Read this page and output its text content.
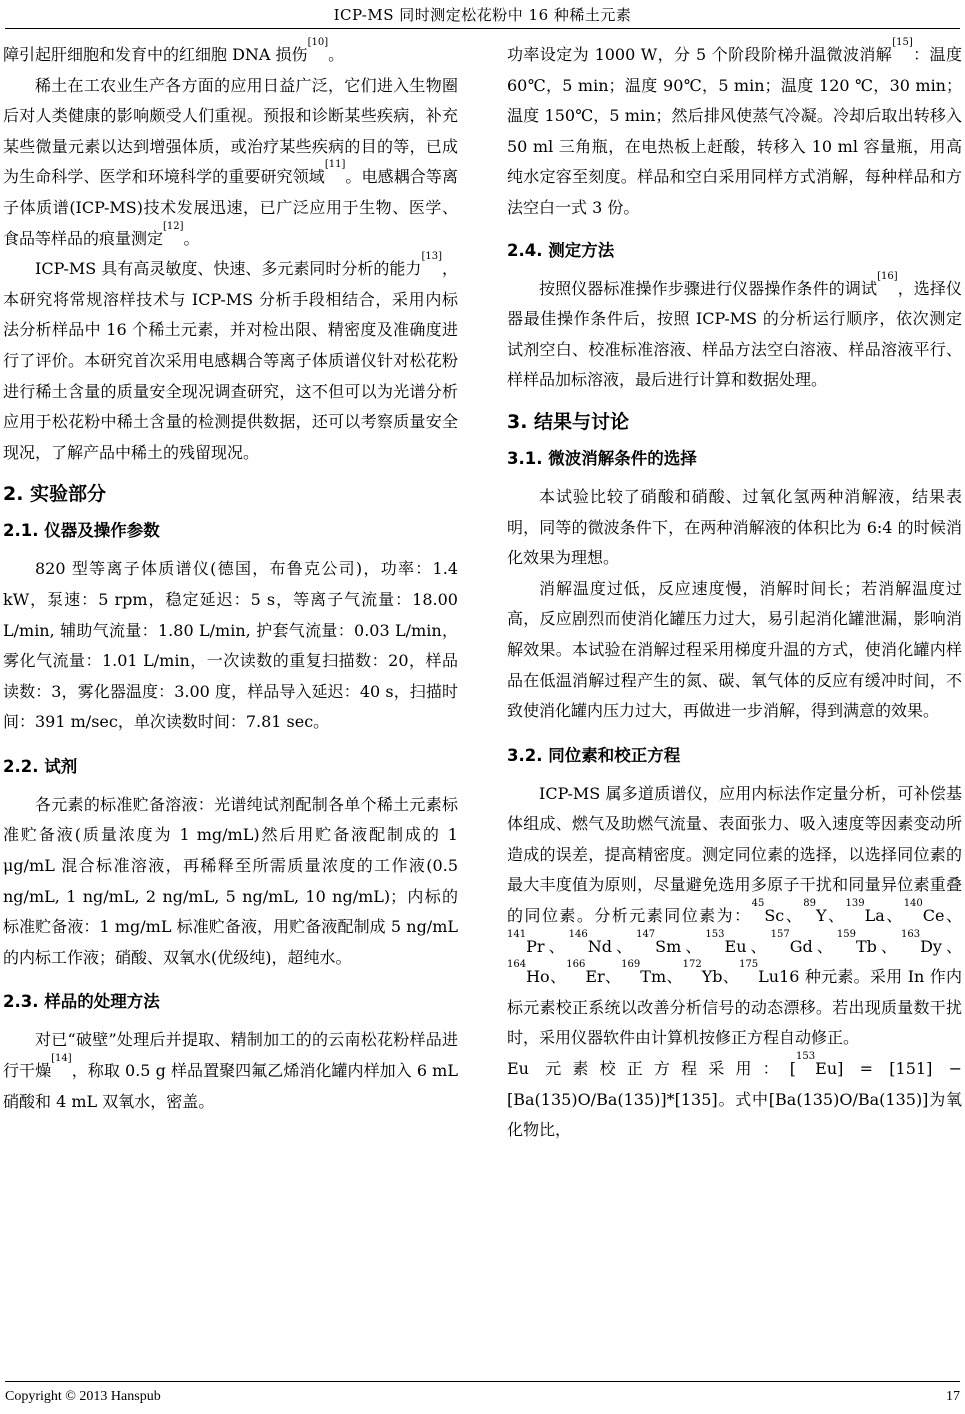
ICP-MS 同时测定松花粉中 16 种稀土元素

障引起肝细胞和发育中的红细胞 DNA 损伤[10]。

稀土在工农业生产各方面的应用日益广泛，它们进入生物圈后对人类健康的影响颇受人们重视。预报和诊断某些疾病，补充某些微量元素以达到增强体质，或治疗某些疾病的目的等，已成为生命科学、医学和环境科学的重要研究领域[11]。电感耦合等离子体质谱(ICP-MS)技术发展迅速，已广泛应用于生物、医学、食品等样品的痕量测定[12]。

ICP-MS 具有高灵敏度、快速、多元素同时分析的能力[13]，本研究将常规溶样技术与 ICP-MS 分析手段相结合，采用内标法分析样品中 16 个稀土元素，并对检出限、精密度及准确度进行了评价。本研究首次采用电感耦合等离子体质谱仪针对松花粉进行稀土含量的质量安全现况调查研究，这不但可以为光谱分析应用于松花粉中稀土含量的检测提供数据，还可以考察质量安全现况，了解产品中稀土的残留现况。

2. 实验部分
2.1. 仪器及操作参数

820 型等离子体质谱仪(德国，布鲁克公司)，功率：1.4 kW，泵速：5 rpm，稳定延迟：5 s，等离子气流量：18.00 L/min, 辅助气流量：1.80 L/min, 护套气流量：0.03 L/min，雾化气流量：1.01 L/min，一次读数的重复扫描数：20，样品读数：3，雾化器温度：3.00 度，样品导入延迟：40 s，扫描时间：391 m/sec，单次读数时间：7.81 sec。

2.2. 试剂

各元素的标准贮备溶液：光谱纯试剂配制各单个稀土元素标准贮备液(质量浓度为 1 mg/mL)然后用贮备液配制成的 1 μg/mL 混合标准溶液，再稀释至所需质量浓度的工作液(0.5 ng/mL, 1 ng/mL, 2 ng/mL, 5 ng/mL, 10 ng/mL)；内标的标准贮备液：1 mg/mL 标准贮备液，用贮备液配制成 5 ng/mL 的内标工作液；硝酸、双氧水(优级纯)，超纯水。

2.3. 样品的处理方法

对已“破壁”处理后并提取、精制加工的的云南松花粉样品进行干燥[14]，称取 0.5 g 样品置聚四氟乙烯消化罐内样加入 6 mL 硝酸和 4 mL 双氧水，密盖。

功率设定为 1000 W，分 5 个阶段阶梯升温微波消解[15]：温度 60℃，5 min；温度 90℃，5 min；温度 120 ℃，30 min；温度 150℃，5 min；然后排风使蒸气冷凝。冷却后取出转移入 50 ml 三角瓶，在电热板上赶酸，转移入 10 ml 容量瓶，用高纯水定容至刻度。样品和空白采用同样方式消解，每种样品和方法空白一式 3 份。

2.4. 测定方法

按照仪器标准操作步骤进行仪器操作条件的调试[16]，选择仪器最佳操作条件后，按照 ICP-MS 的分析运行顺序，依次测定试剂空白、校准标准溶液、样品方法空白溶液、样品溶液平行、样样品加标溶液，最后进行计算和数据处理。

3. 结果与讨论
3.1. 微波消解条件的选择

本试验比较了硝酸和硝酸、过氧化氢两种消解液，结果表明，同等的微波条件下，在两种消解液的体积比为 6:4 的时候消化效果为理想。

消解温度过低，反应速度慢，消解时间长；若消解温度过高，反应剧烈而使消化罐压力过大，易引起消化罐泄漏，影响消解效果。本试验在消解过程采用梯度升温的方式，使消化罐内样品在低温消解过程产生的氮、碳、氧气体的反应有缓冲时间，不致使消化罐内压力过大，再做进一步消解，得到满意的效果。

3.2. 同位素和校正方程

ICP-MS 属多道质谱仪，应用内标法作定量分析，可补偿基体组成、燃气及助燃气流量、表面张力、吸入速度等因素变动所造成的误差，提高精密度。测定同位素的选择，以选择同位素的最大丰度值为原则，尽量避免选用多原子干扰和同量异位素重叠的同位素。分析元素同位素为：$^{45}$Sc、$^{89}$Y、$^{139}$La、$^{140}$Ce、$^{141}$Pr、$^{146}$Nd、$^{147}$Sm、$^{153}$Eu、$^{157}$Gd、$^{159}$Tb、$^{163}$Dy、$^{164}$Ho、$^{166}$Er、$^{169}$Tm、$^{172}$Yb、$^{175}$Lu16 种元素。采用 In 作内标元素校正系统以改善分析信号的动态漂移。若出现质量数干扰时，采用仪器软件由计算机按修正方程自动修正。

Eu 元素校正方程采用：[$^{153}$Eu] = [151] − [Ba(135)O/Ba(135)]*[135]。式中[Ba(135)O/Ba(135)]为氧化物比，

Copyright © 2013 Hanspub	17
